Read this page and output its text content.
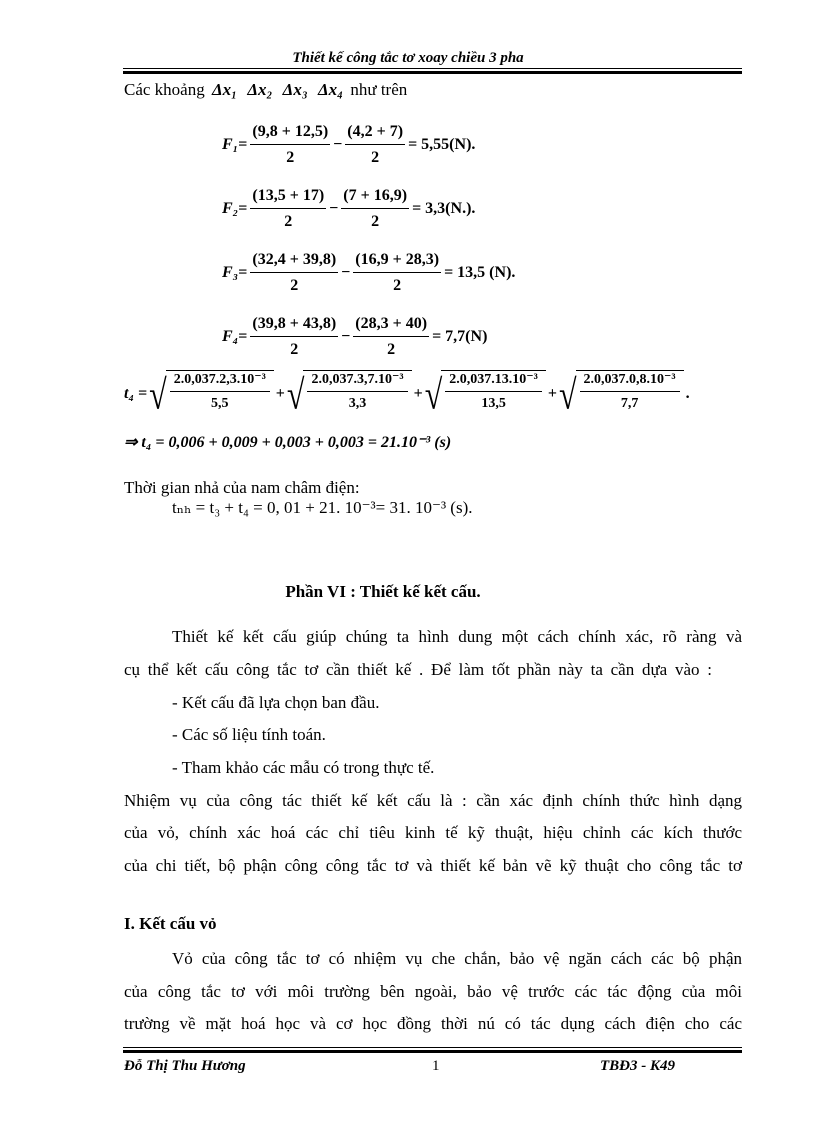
Thiết kế công tắc tơ xoay chiều 3 pha
Các khoảng Δx₁ Δx₂ Δx₃ Δx₄ như trên
$F_1 = \frac{(9,8 + 12,5)}{2} - \frac{(4,2 + 7)}{2} = 5,55(N)$.
$F_2 = \frac{(13,5 + 17)}{2} - \frac{(7 + 16,9)}{2} = 3,3(N.)$.
$F_3 = \frac{(32,4 + 39,8)}{2} - \frac{(16,9 + 28,3)}{2} = 13,5$ (N).
$F_4 = \frac{(39,8 + 43,8)}{2} - \frac{(28,3 + 40)}{2} = 7,7(N)$
t₄ = √ $\frac{\text{2.0,037.2,3.10⁻³}}{5,5}$ + √ $\frac{\text{2.0,037.3,7.10⁻³}}{3,3}$ + √ $\frac{\text{2.0,037.13.10⁻³}}{13,5}$ + √ $\frac{\text{2.0,037.0,8.10⁻³}}{7,7}$ .
⇒ t₄ = 0,006 + 0,009 + 0,003 + 0,003 = 21.10⁻³ (s)
Thời gian nhả của nam châm điện:
tₙₕ = t₃ + t₄ = 0, 01 + 21. 10⁻³= 31. 10⁻³ (s).
Phần VI : Thiết kế kết cấu.
Thiết kế kết cấu giúp chúng ta hình dung một cách chính xác, rõ ràng và
cụ thể kết cấu công tắc tơ cần thiết kế . Để làm tốt phần này ta cần dựa vào :
- Kết cấu đã lựa chọn ban đầu.
- Các số liệu tính toán.
- Tham khảo các mẫu có trong thực tế.
Nhiệm vụ của công tác thiết kế kết cấu là : cần xác định chính thức hình dạng
của vỏ, chính xác hoá các chỉ tiêu kinh tế kỹ thuật, hiệu chỉnh các kích thước
của chi tiết, bộ phận công công tắc tơ và thiết kế bản vẽ kỹ thuật cho công tắc tơ
I. Kết cấu vỏ
Vỏ của công tắc tơ có nhiệm vụ che chắn, bảo vệ ngăn cách các bộ phận
của công tắc tơ với môi trường bên ngoài, bảo vệ trước các tác động của môi
trường về mặt hoá học và cơ học đồng thời nú có tác dụng cách điện cho các
Đỗ Thị Thu Hương	1	TBĐ3 - K49
